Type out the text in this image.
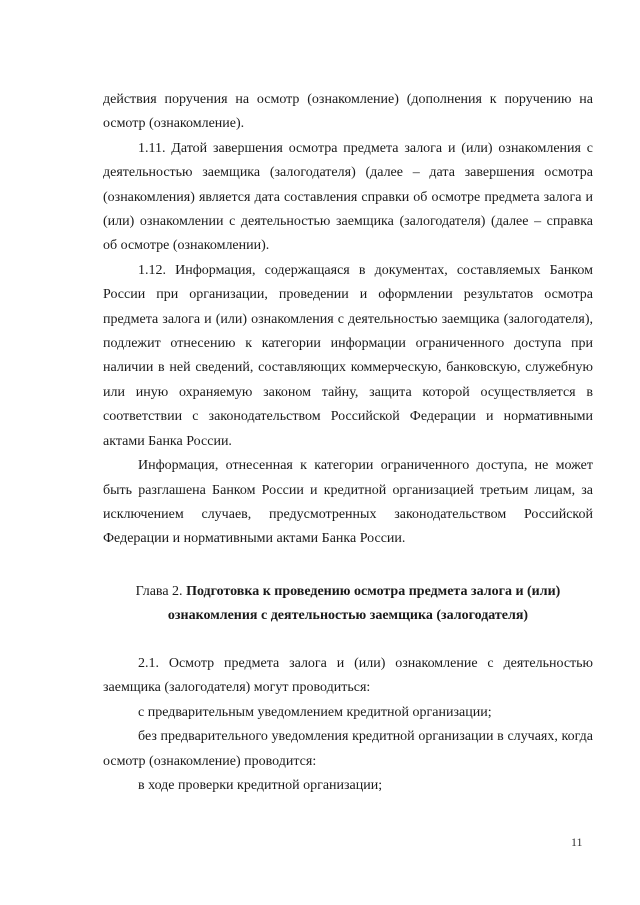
действия поручения на осмотр (ознакомление) (дополнения к поручению на осмотр (ознакомление).

1.11. Датой завершения осмотра предмета залога и (или) ознакомления с деятельностью заемщика (залогодателя) (далее – дата завершения осмотра (ознакомления) является дата составления справки об осмотре предмета залога и (или) ознакомлении с деятельностью заемщика (залогодателя) (далее – справка об осмотре (ознакомлении).

1.12. Информация, содержащаяся в документах, составляемых Банком России при организации, проведении и оформлении результатов осмотра предмета залога и (или) ознакомления с деятельностью заемщика (залогодателя), подлежит отнесению к категории информации ограниченного доступа при наличии в ней сведений, составляющих коммерческую, банковскую, служебную или иную охраняемую законом тайну, защита которой осуществляется в соответствии с законодательством Российской Федерации и нормативными актами Банка России.

Информация, отнесенная к категории ограниченного доступа, не может быть разглашена Банком России и кредитной организацией третьим лицам, за исключением случаев, предусмотренных законодательством Российской Федерации и нормативными актами Банка России.

Глава 2. Подготовка к проведению осмотра предмета залога и (или)
ознакомления с деятельностью заемщика (залогодателя)

2.1. Осмотр предмета залога и (или) ознакомление с деятельностью заемщика (залогодателя) могут проводиться:

с предварительным уведомлением кредитной организации;

без предварительного уведомления кредитной организации в случаях, когда осмотр (ознакомление) проводится:

в ходе проверки кредитной организации;

11
